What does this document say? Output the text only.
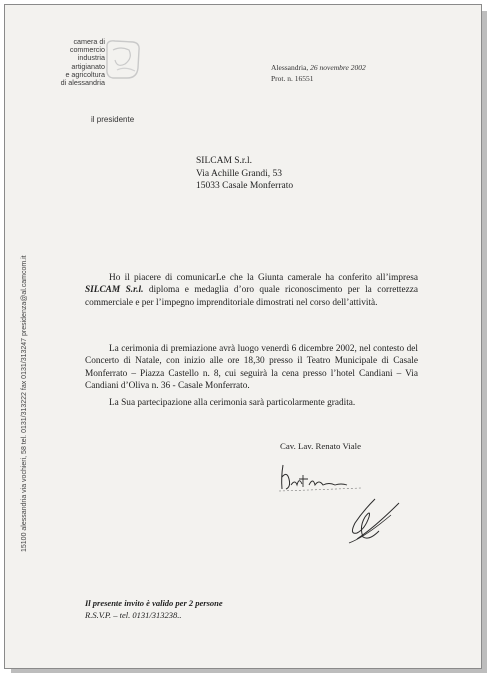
camera di
commercio
industria
artigianato
e agricoltura
di alessandria
il presidente
Alessandria, 26 novembre 2002
Prot. n. 16551
SILCAM S.r.l.
Via Achille Grandi, 53
15033 Casale Monferrato
15100 alessandria via vochieri, 58 tel. 0131/313222 fax 0131/313247 presidenza@al.camcom.it	Ho il piacere di comunicarLe che la Giunta camerale ha conferito all’impresa SILCAM S.r.l. diploma e medaglia d’oro quale riconoscimento per la correttezza commerciale e per l’impegno imprenditoriale dimostrati nel corso dell’attività.

La cerimonia di premiazione avrà luogo venerdì 6 dicembre 2002, nel contesto del Concerto di Natale, con inizio alle ore 18,30 presso il Teatro Municipale di Casale Monferrato – Piazza Castello n. 8, cui seguirà la cena presso l’hotel Candiani – Via Candiani d’Oliva n. 36 - Casale Monferrato.

La Sua partecipazione alla cerimonia sarà particolarmente gradita.

Cav. Lav. Renato Viale
Il presente invito è valido per 2 persone
R.S.V.P. – tel. 0131/313238..
